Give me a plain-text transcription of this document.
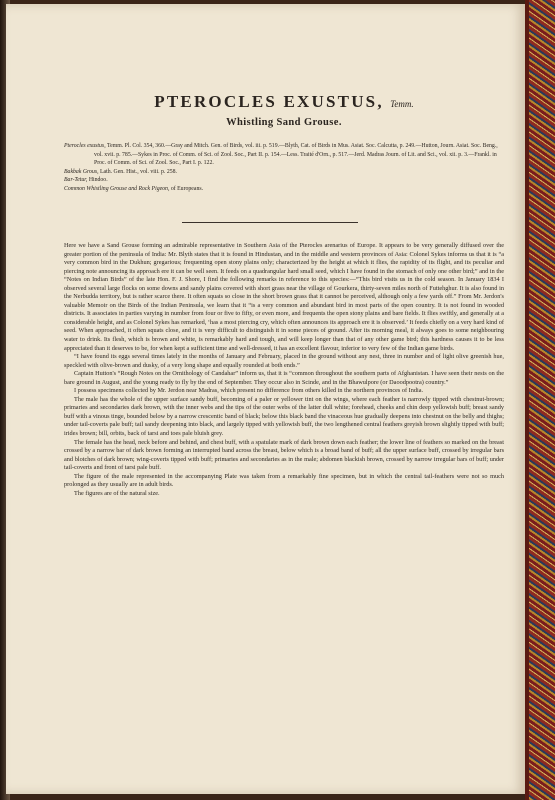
PTEROCLES EXUSTUS, Temm.
Whistling Sand Grouse.

Pterocles exustus, Temm. Pl. Col. 354, 360.—Gray and Mitch. Gen. of Birds, vol. iii. p. 519.—Blyth, Cat. of Birds in Mus. Asiat. Soc. Calcutta, p. 249.—Hutton, Journ. Asiat. Soc. Beng., vol. xvii. p. 785.—Sykes in Proc. of Comm. of Sci. of Zool. Soc., Part II. p. 154.—Less. Traité d'Orn., p. 517.—Jerd. Madras Journ. of Lit. and Sci., vol. xii. p. 3.—Frankl. in Proc. of Comm. of Sci. of Zool. Soc., Part I. p. 122.

Bakbak Grous, Lath. Gen. Hist., vol. viii. p. 258.

Bar-Tetur, Hindoo.

Common Whistling Grouse and Rock Pigeon, of Europeans.

Here we have a Sand Grouse forming an admirable representative in Southern Asia of the Pterocles arenarius of Europe. It appears to be very generally diffused over the greater portion of the peninsula of India: Mr. Blyth states that it is found in Hindustan, and in the middle and western provinces of Asia: Colonel Sykes informs us that it is “a very common bird in the Dukhun; gregarious; frequenting open stony plains only; characterized by the height at which it flies, the rapidity of its flight, and its peculiar and piercing note announcing its approach ere it can be well seen. It feeds on a quadrangular hard small seed, which I have found in the stomach of only one other bird;” and in the “Notes on Indian Birds” of the late Hon. F. J. Shore, I find the following remarks in reference to this species:—“This bird visits us in the cold season. In January 1834 I observed several large flocks on some downs and sandy plains covered with short grass near the village of Gourkera, thirty-seven miles north of Futtehghur. It is also found in the Nerbudda territory, but is rather scarce there. It often squats so close in the short brown grass that it cannot be perceived, although only a few yards off.” From Mr. Jerdon's valuable Memoir on the Birds of the Indian Peninsula, we learn that it “is a very common and abundant bird in most parts of the open country. It is not found in wooded districts. It associates in parties varying in number from four or five to fifty, or even more, and frequents the open stony plains and bare fields. It flies swiftly, and generally at a considerable height, and as Colonel Sykes has remarked, ‘has a most piercing cry, which often announces its approach ere it is observed.’ It feeds chiefly on a very hard kind of seed. When approached, it often squats close, and it is very difficult to distinguish it in some pieces of ground. After its morning meal, it always goes to some neighbouring water to drink. Its flesh, which is brown and white, is remarkably hard and tough, and will keep longer than that of any other game bird; this hardness causes it to be less appreciated than it deserves to be, for when kept a sufficient time and well-dressed, it has an excellent flavour, inferior to very few of the Indian game birds.

“I have found its eggs several times lately in the months of January and February, placed in the ground without any nest, three in number and of light olive greenish hue, speckled with olive-brown and dusky, of a very long shape and equally rounded at both ends.”

Captain Hutton's “Rough Notes on the Ornithology of Candahar” inform us, that it is “common throughout the southern parts of Afghanistan. I have seen their nests on the bare ground in August, and the young ready to fly by the end of September. They occur also in Scinde, and in the Bhawulpore (or Daoodpootra) country.”

I possess specimens collected by Mr. Jerdon near Madras, which present no difference from others killed in the northern provinces of India.

The male has the whole of the upper surface sandy buff, becoming of a paler or yellower tint on the wings, where each feather is narrowly tipped with chestnut-brown; primaries and secondaries dark brown, with the inner webs and the tips of the outer webs of the latter dull white; forehead, cheeks and chin deep yellowish buff; breast sandy buff with a vinous tinge, bounded below by a narrow crescentic band of black; below this black band the vinaceous hue gradually deepens into chestnut on the belly and thighs; under tail-coverts pale buff; tail sandy deepening into black, and largely tipped with yellowish buff, the two lengthened central feathers greyish brown slightly tipped with buff; irides brown; bill, orbits, back of tarsi and toes pale bluish grey.

The female has the head, neck before and behind, and chest buff, with a spatulate mark of dark brown down each feather; the lower line of feathers so marked on the breast crossed by a narrow bar of dark brown forming an interrupted band across the breast, below which is a broad band of buff; all the upper surface buff, crossed by irregular bars and blotches of dark brown; wing-coverts tipped with buff; primaries and secondaries as in the male; abdomen blackish brown, crossed by narrow irregular bars of buff; under tail-coverts and front of tarsi pale buff.

The figure of the male represented in the accompanying Plate was taken from a remarkably fine specimen, but in which the central tail-feathers were not so much prolonged as they usually are in adult birds.

The figures are of the natural size.
